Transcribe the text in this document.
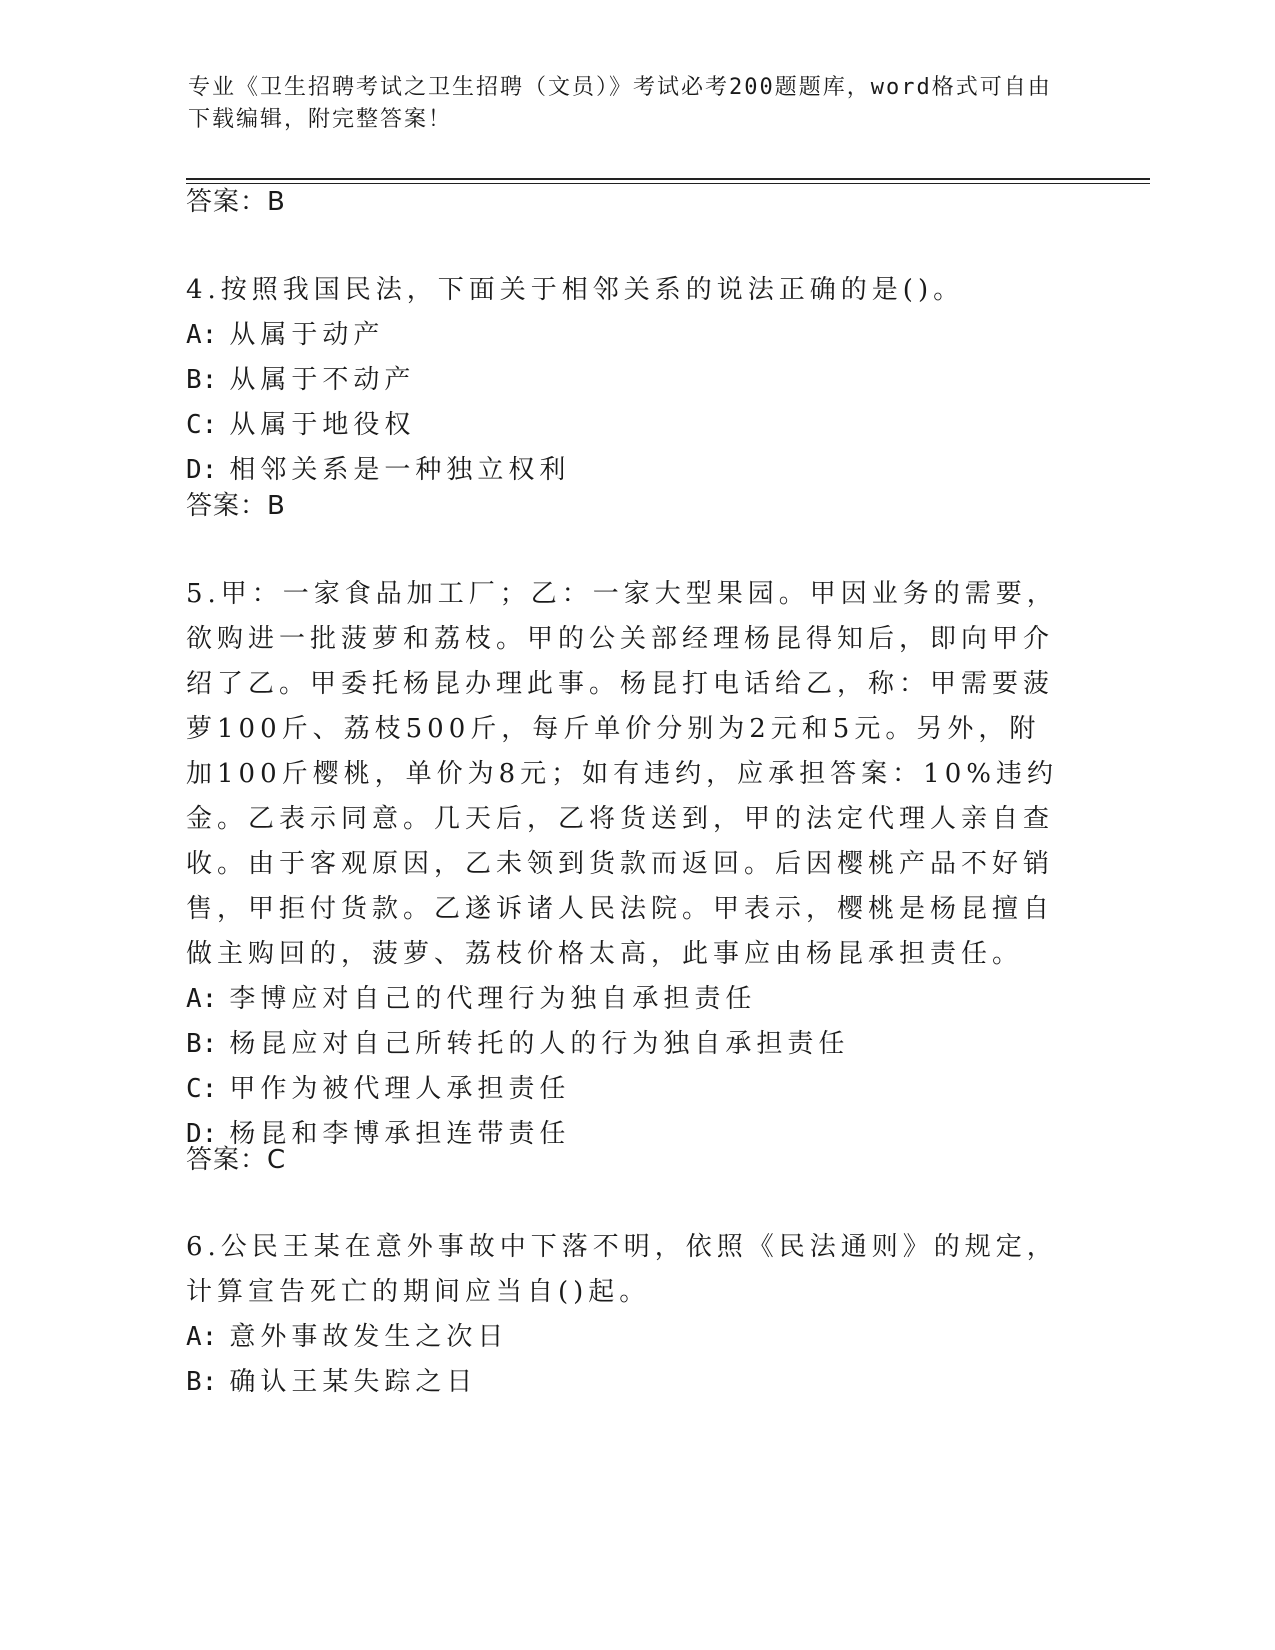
专业《卫生招聘考试之卫生招聘（文员）》考试必考200题题库，word格式可自由下载编辑，附完整答案！
答案：B

4.按照我国民法，下面关于相邻关系的说法正确的是()。

A: 从属于动产

B: 从属于不动产

C: 从属于地役权

D: 相邻关系是一种独立权利

答案：B

5.甲：一家食品加工厂；乙：一家大型果园。甲因业务的需要，欲购进一批菠萝和荔枝。甲的公关部经理杨昆得知后，即向甲介绍了乙。甲委托杨昆办理此事。杨昆打电话给乙，称：甲需要菠萝100斤、荔枝500斤，每斤单价分别为2元和5元。另外，附加100斤樱桃，单价为8元；如有违约，应承担答案：10%违约金。乙表示同意。几天后，乙将货送到，甲的法定代理人亲自查收。由于客观原因，乙未领到货款而返回。后因樱桃产品不好销售，甲拒付货款。乙遂诉诸人民法院。甲表示，樱桃是杨昆擅自做主购回的，菠萝、荔枝价格太高，此事应由杨昆承担责任。

A: 李博应对自己的代理行为独自承担责任

B: 杨昆应对自己所转托的人的行为独自承担责任

C: 甲作为被代理人承担责任

D: 杨昆和李博承担连带责任

答案：C

6.公民王某在意外事故中下落不明，依照《民法通则》的规定，计算宣告死亡的期间应当自()起。

A: 意外事故发生之次日

B: 确认王某失踪之日
